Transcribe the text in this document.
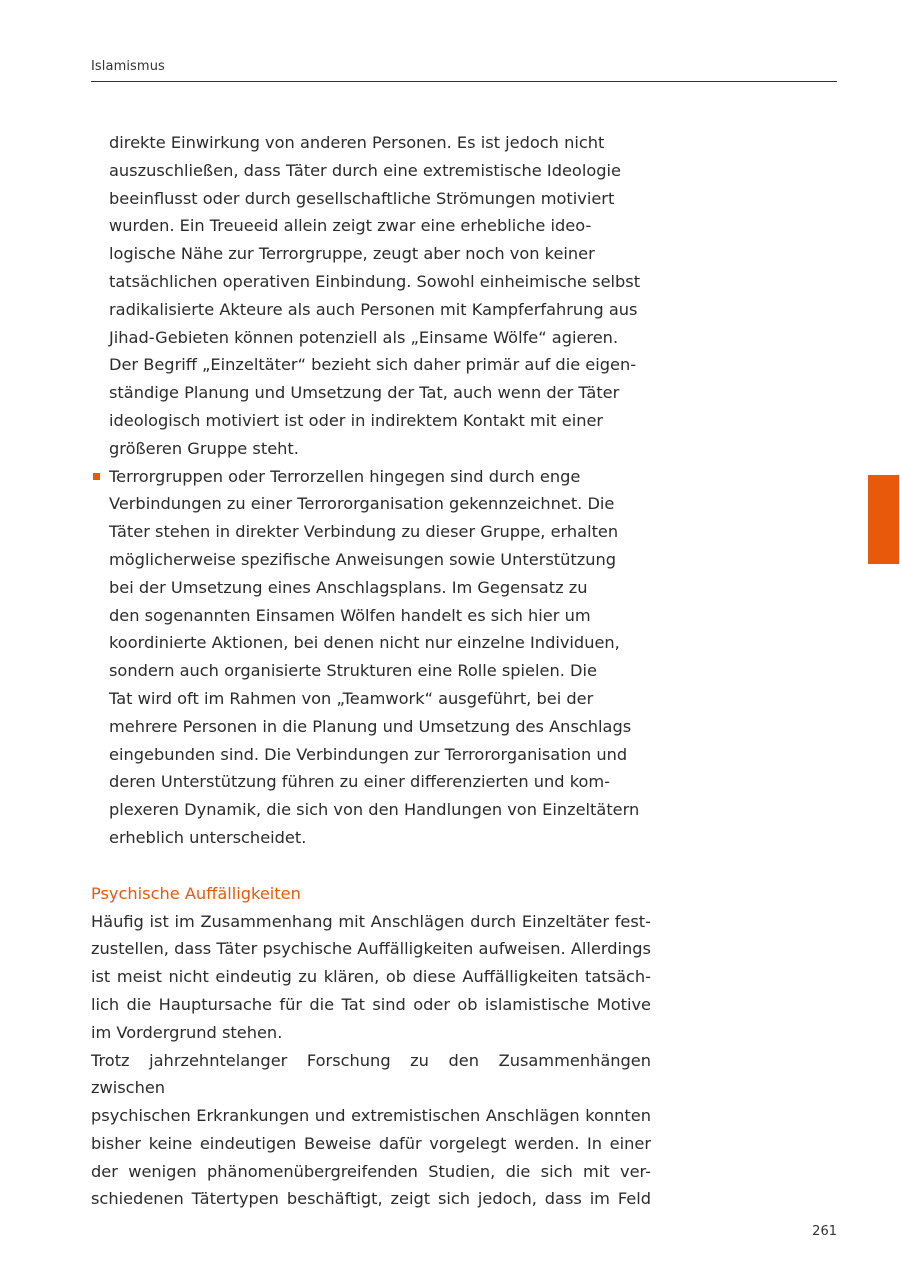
Islamismus
direkte Einwirkung von anderen Personen. Es ist jedoch nicht
auszuschließen, dass Täter durch eine extremistische Ideologie
beeinflusst oder durch gesellschaftliche Strömungen motiviert
wurden. Ein Treueeid allein zeigt zwar eine erhebliche ideo-
logische Nähe zur Terrorgruppe, zeugt aber noch von keiner
tatsächlichen operativen Einbindung. Sowohl einheimische selbst
radikalisierte Akteure als auch Personen mit Kampferfahrung aus
Jihad-Gebieten können potenziell als „Einsame Wölfe“ agieren.
Der Begriff „Einzeltäter“ bezieht sich daher primär auf die eigen-
ständige Planung und Umsetzung der Tat, auch wenn der Täter
ideologisch motiviert ist oder in indirektem Kontakt mit einer
größeren Gruppe steht.
Terrorgruppen oder Terrorzellen hingegen sind durch enge
Verbindungen zu einer Terrororganisation gekennzeichnet. Die
Täter stehen in direkter Verbindung zu dieser Gruppe, erhalten
möglicherweise spezifische Anweisungen sowie Unterstützung
bei der Umsetzung eines Anschlagsplans. Im Gegensatz zu
den sogenannten Einsamen Wölfen handelt es sich hier um
koordinierte Aktionen, bei denen nicht nur einzelne Individuen,
sondern auch organisierte Strukturen eine Rolle spielen. Die
Tat wird oft im Rahmen von „Teamwork“ ausgeführt, bei der
mehrere Personen in die Planung und Umsetzung des Anschlags
eingebunden sind. Die Verbindungen zur Terrororganisation und
deren Unterstützung führen zu einer differenzierten und kom-
plexeren Dynamik, die sich von den Handlungen von Einzeltätern
erheblich unterscheidet.
Psychische Auffälligkeiten
Häufig ist im Zusammenhang mit Anschlägen durch Einzeltäter fest-
zustellen, dass Täter psychische Auffälligkeiten aufweisen. Allerdings
ist meist nicht eindeutig zu klären, ob diese Auffälligkeiten tatsäch-
lich die Hauptursache für die Tat sind oder ob islamistische Motive
im Vordergrund stehen.
Trotz jahrzehntelanger Forschung zu den Zusammenhängen zwischen
psychischen Erkrankungen und extremistischen Anschlägen konnten
bisher keine eindeutigen Beweise dafür vorgelegt werden. In einer
der wenigen phänomenübergreifenden Studien, die sich mit ver-
schiedenen Tätertypen beschäftigt, zeigt sich jedoch, dass im Feld
261
